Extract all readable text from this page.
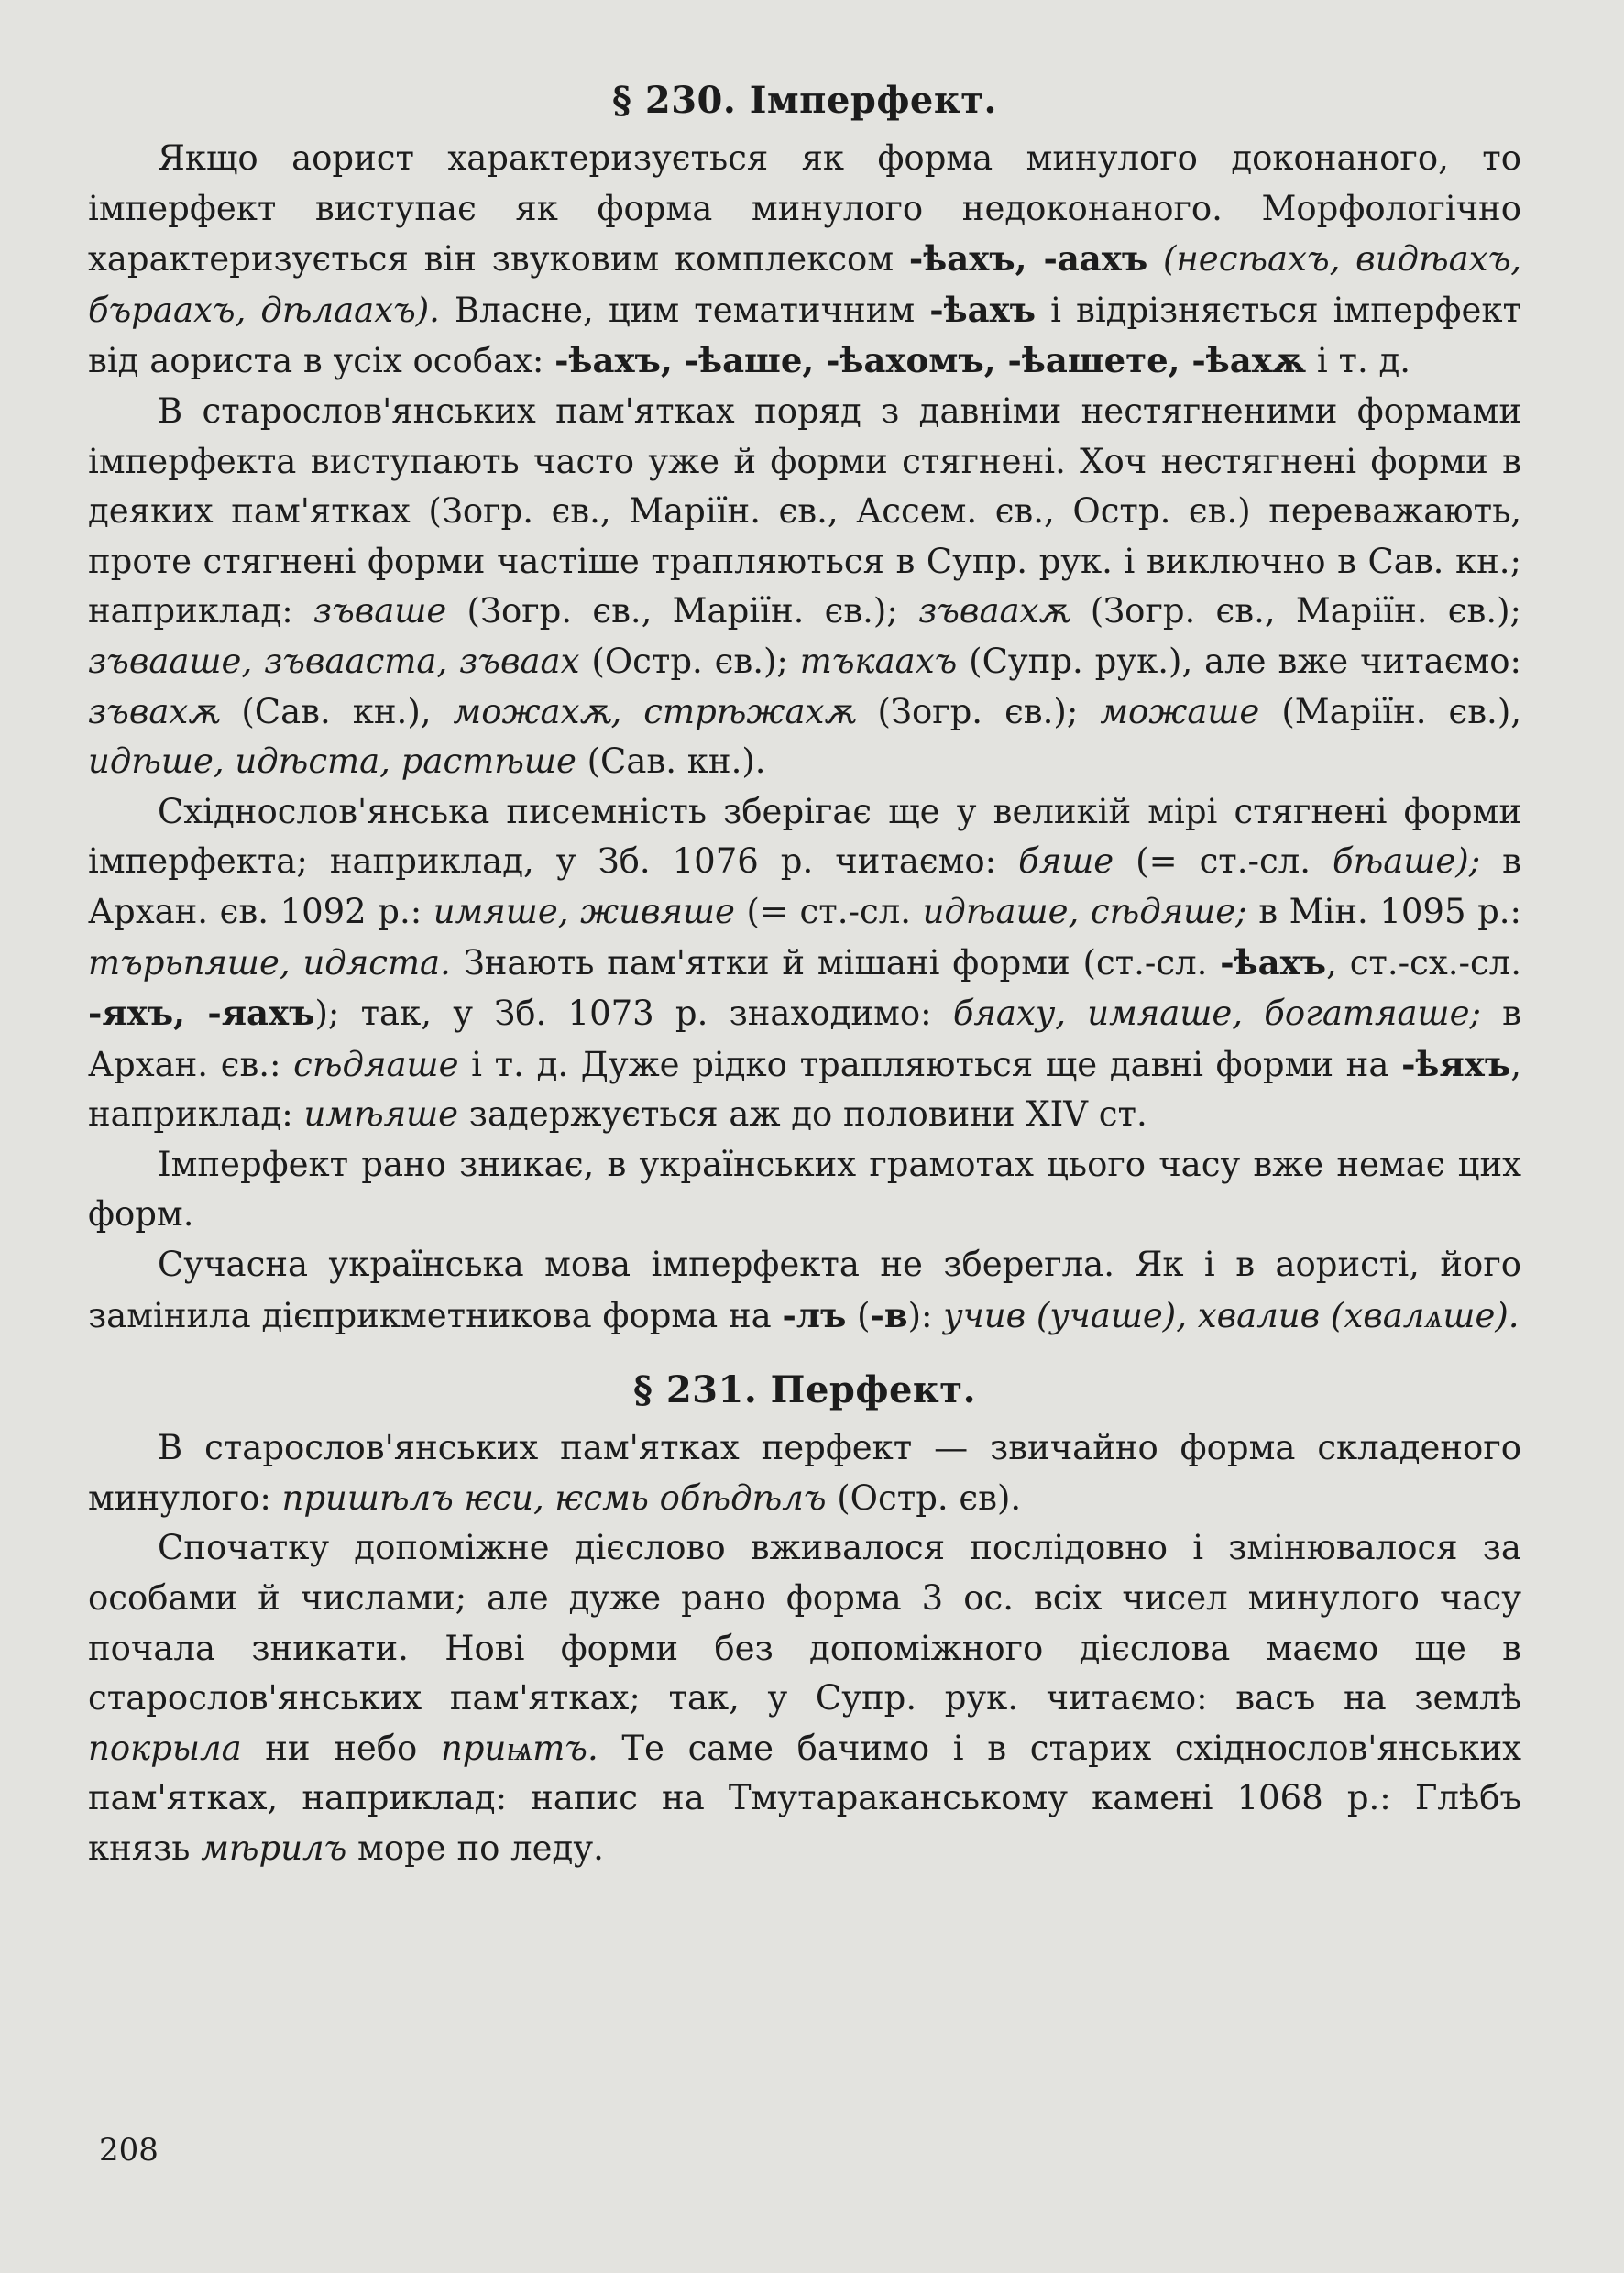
§ 230. Імперфект.

Якщо аорист характеризується як форма минулого доконаного, то імперфект виступає як форма минулого недоконаного. Морфологічно характеризується він звуковим комплексом -ѣахъ, -аахъ (несѣахъ, видѣахъ, бъраахъ, дѣлаахъ). Власне, цим тематичним -ѣахъ і відрізняється імперфект від аориста в усіх особах: -ѣахъ, -ѣаше, -ѣахомъ, -ѣашете, -ѣахѫ і т. д.

В старослов'янських пам'ятках поряд з давніми нестягненими формами імперфекта виступають часто уже й форми стягнені. Хоч нестягнені форми в деяких пам'ятках (Зогр. єв., Маріїн. єв., Ассем. єв., Остр. єв.) переважають, проте стягнені форми частіше трапляються в Супр. рук. і виключно в Сав. кн.; наприклад: зъваше (Зогр. єв., Маріїн. єв.); зъваахѫ (Зогр. єв., Маріїн. єв.); зъвааше, зъвааста, зъваах (Остр. єв.); тъкаахъ (Супр. рук.), але вже читаємо: зъвахѫ (Сав. кн.), можахѫ, стрѣжахѫ (Зогр. єв.); можаше (Маріїн. єв.), идѣше, идѣста, растѣше (Сав. кн.).

Східнослов'янська писемність зберігає ще у великій мірі стягнені форми імперфекта; наприклад, у Зб. 1076 р. читаємо: бяше (= ст.-сл. бѣаше); в Архан. єв. 1092 р.: имяше, живяше (= ст.-сл. идѣаше, сѣдяше; в Мін. 1095 р.: търьпяше, идяста. Знають пам'ятки й мішані форми (ст.-сл. -ѣахъ, ст.-сх.-сл. -яхъ, -яахъ); так, у Зб. 1073 р. знаходимо: бяаху, имяаше, богатяаше; в Архан. єв.: сѣдяаше і т. д. Дуже рідко трапляються ще давні форми на -ѣяхъ, наприклад: имѣяше задержується аж до половини XIV ст.

Імперфект рано зникає, в українських грамотах цього часу вже немає цих форм.

Сучасна українська мова імперфекта не зберегла. Як і в аористі, його замінила дієприкметникова форма на -лъ (-в): учив (учаше), хвалив (хвалѧше).

§ 231. Перфект.

В старослов'янських пам'ятках перфект — звичайно форма складеного минулого: пришѣлъ ѥси, ѥсмь обѣдѣлъ (Остр. єв).

Спочатку допоміжне дієслово вживалося послідовно і змінювалося за особами й числами; але дуже рано форма 3 ос. всіх чисел минулого часу почала зникати. Нові форми без допоміжного дієслова маємо ще в старослов'янських пам'ятках; так, у Супр. рук. читаємо: васъ на землѣ покрыла ни небо приѩтъ. Те саме бачимо і в старих східнослов'янських пам'ятках, наприклад: напис на Тмутараканському камені 1068 р.: Глѣбъ князь мѣрилъ море по леду.

208
